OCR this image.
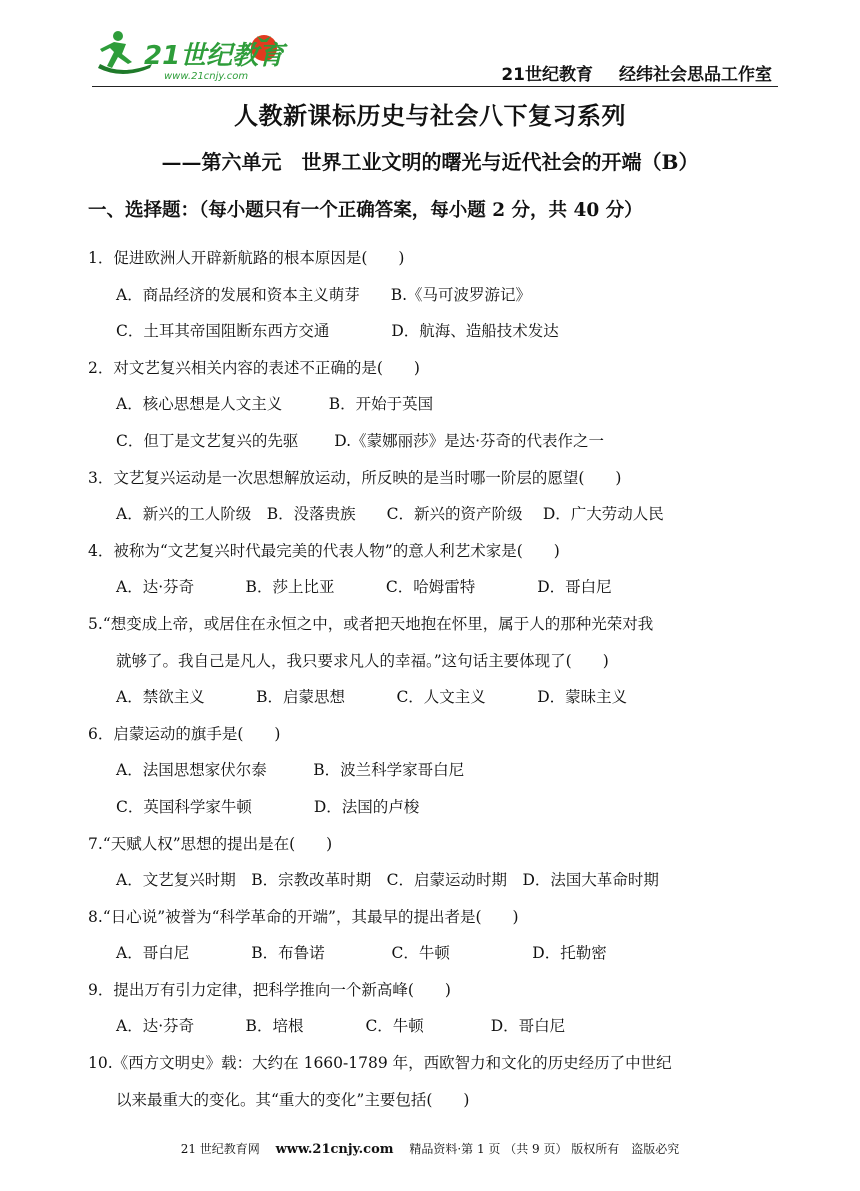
21世纪教育
www.21cnjy.com	21世纪教育 经纬社会思品工作室
人教新课标历史与社会八下复习系列
——第六单元　世界工业文明的曙光与近代社会的开端（B）
一、选择题：（每小题只有一个正确答案，每小题 2 分，共 40 分）
1．促进欧洲人开辟新航路的根本原因是(　　)
A．商品经济的发展和资本主义萌芽　　B.《马可波罗游记》
C．土耳其帝国阻断东西方交通　　　　D．航海、造船技术发达
2．对文艺复兴相关内容的表述不正确的是(　　)
A．核心思想是人文主义　　　B．开始于英国
C．但丁是文艺复兴的先驱　　 D.《蒙娜丽莎》是达·芬奇的代表作之一
3．文艺复兴运动是一次思想解放运动，所反映的是当时哪一阶层的愿望(　　)
A．新兴的工人阶级　B．没落贵族　　C．新兴的资产阶级　 D．广大劳动人民
4．被称为“文艺复兴时代最完美的代表人物”的意人利艺术家是(　　)
A．达·芬奇　　　 B．莎上比亚　　　 C．哈姆雷特　　　　D．哥白尼
5.“想变成上帝，或居住在永恒之中，或者把天地抱在怀里，属于人的那种光荣对我
就够了。我自己是凡人，我只要求凡人的幸福。”这句话主要体现了(　　)
A．禁欲主义　　　 B．启蒙思想　　　 C．人文主义　　　 D．蒙昧主义
6．启蒙运动的旗手是(　　)
A．法国思想家伏尔泰　　　B．波兰科学家哥白尼
C．英国科学家牛顿　　　　D．法国的卢梭
7.“天赋人权”思想的提出是在(　　)
A．文艺复兴时期　B．宗教改革时期　C．启蒙运动时期　D．法国大革命时期
8.“日心说”被誉为“科学革命的开端”，其最早的提出者是(　　)
A．哥白尼　　　　B．布鲁诺　　　　 C．牛顿　　　　　 D．托勒密
9．提出万有引力定律，把科学推向一个新高峰(　　)
A．达·芬奇　　　 B．培根　　　　C．牛顿　　　　 D．哥白尼
10.《西方文明史》载：大约在 1660-1789 年，西欧智力和文化的历史经历了中世纪
以来最重大的变化。其“重大的变化”主要包括(　　)
21 世纪教育网　 www.21cnjy.com　 精品资料·第 1 页 （共 9 页） 版权所有　盗版必究
